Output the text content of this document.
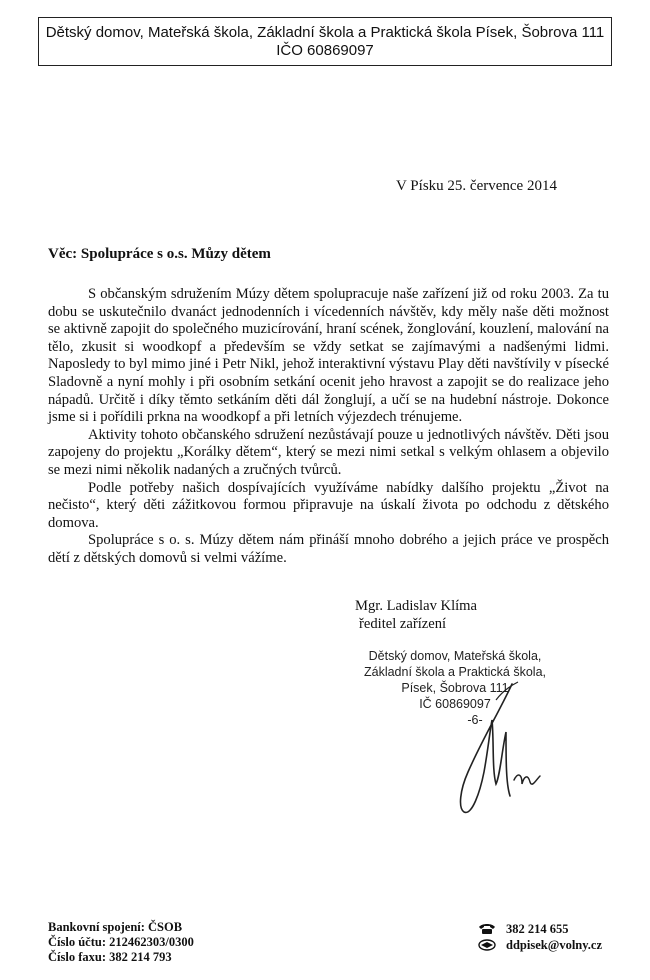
Dětský domov, Mateřská škola, Základní škola a Praktická škola Písek, Šobrova 111
IČO 60869097
V Písku 25. července 2014
Věc: Spolupráce s o.s. Můzy dětem

S občanským sdružením Múzy dětem spolupracuje naše zařízení již od roku 2003. Za tu dobu se uskutečnilo dvanáct jednodenních i vícedenních návštěv, kdy měly naše děti možnost se aktivně zapojit do společného muzicírování, hraní scének, žonglování, kouzlení, malování na tělo, zkusit si woodkopf a především se vždy setkat se zajímavými a nadšenými lidmi. Naposledy to byl mimo jiné i Petr Nikl, jehož interaktivní výstavu Play děti navštívily v písecké Sladovně a nyní mohly i při osobním setkání ocenit jeho hravost a zapojit se do realizace jeho nápadů. Určitě i díky těmto setkáním děti dál žonglují, a učí se na hudební nástroje. Dokonce jsme si i pořídili prkna na woodkopf a při letních výjezdech trénujeme.

Aktivity tohoto občanského sdružení nezůstávají pouze u jednotlivých návštěv. Děti jsou zapojeny do projektu „Korálky dětem“, který se mezi nimi setkal s velkým ohlasem a objevilo se mezi nimi několik nadaných a zručných tvůrců.

Podle potřeby našich dospívajících využíváme nabídky dalšího projektu „Život na nečisto“, který děti zážitkovou formou připravuje na úskalí života po odchodu z dětského domova.

Spolupráce s o. s. Múzy dětem nám přináší mnoho dobrého a jejich práce ve prospěch dětí z dětských domovů si velmi vážíme.

Mgr. Ladislav Klíma
ředitel zařízení
Dětský domov, Mateřská škola,
Základní škola a Praktická škola,
Písek, Šobrova 111
IČ 60869097
-6-
Bankovní spojení: ČSOB
Číslo účtu: 212462303/0300
Číslo faxu: 382 214 793
382 214 655
ddpisek@volny.cz
